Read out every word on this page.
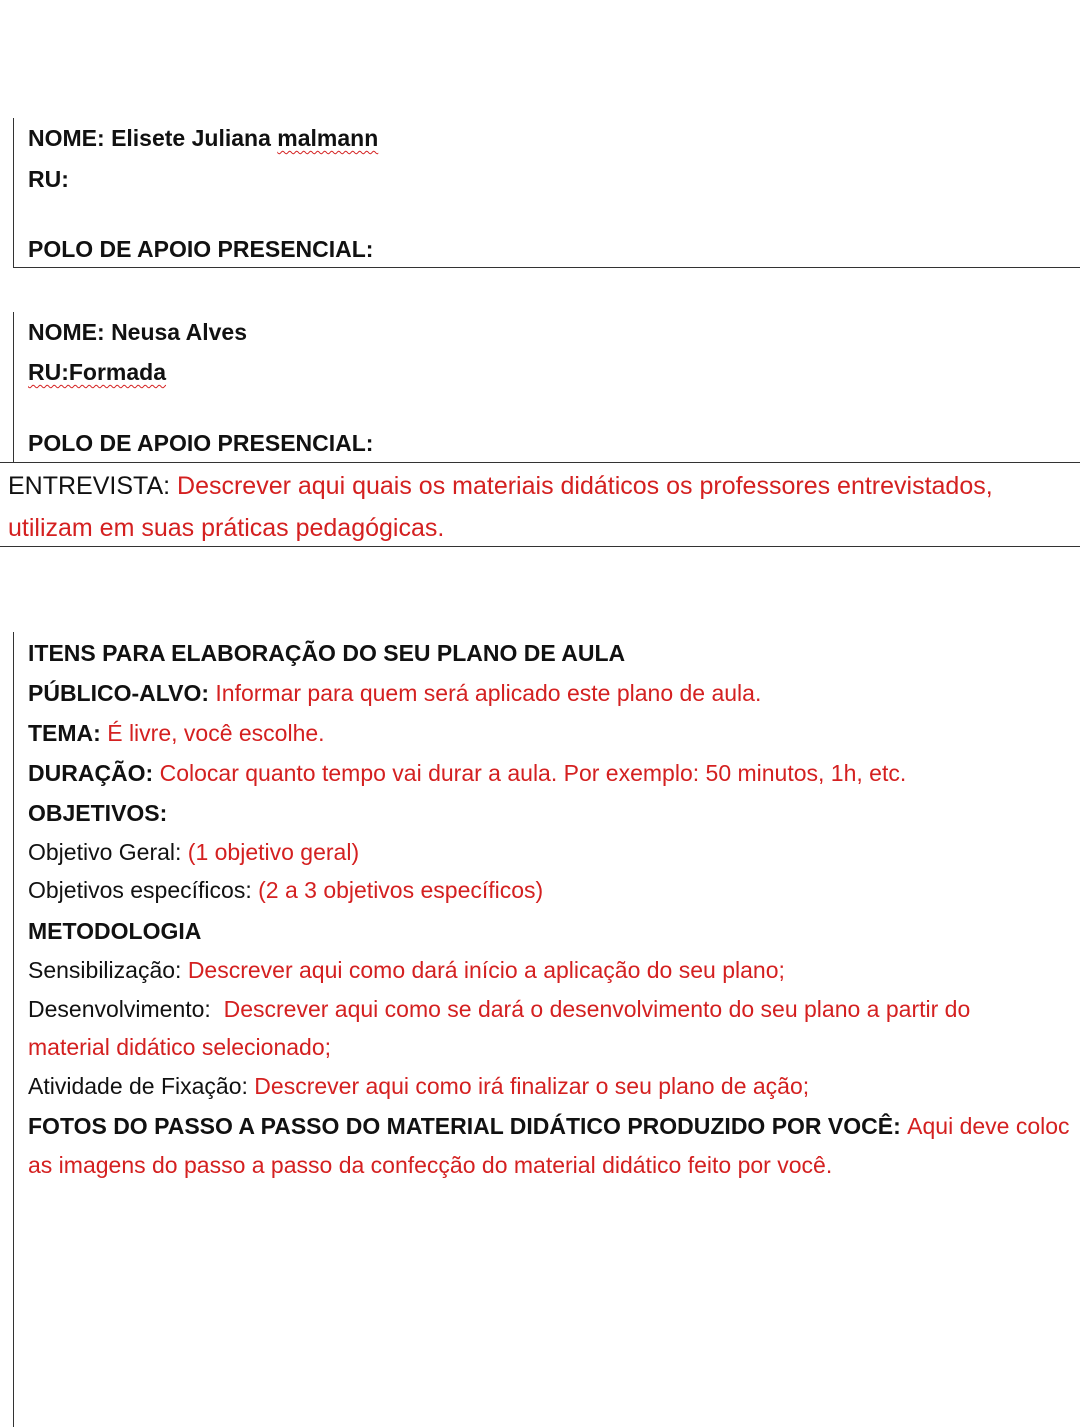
NOME: Elisete Juliana malmann
RU:
POLO DE APOIO PRESENCIAL:
NOME: Neusa Alves
RU:Formada
POLO DE APOIO PRESENCIAL:
ENTREVISTA: Descrever aqui quais os materiais didáticos os professores entrevistados, utilizam em suas práticas pedagógicas.
ITENS PARA ELABORAÇÃO DO SEU PLANO DE AULA
PÚBLICO-ALVO: Informar para quem será aplicado este plano de aula.
TEMA: É livre, você escolhe.
DURAÇÃO: Colocar quanto tempo vai durar a aula. Por exemplo: 50 minutos, 1h, etc.
OBJETIVOS:
Objetivo Geral: (1 objetivo geral)
Objetivos específicos: (2 a 3 objetivos específicos)
METODOLOGIA
Sensibilização: Descrever aqui como dará início a aplicação do seu plano;
Desenvolvimento:  Descrever aqui como se dará o desenvolvimento do seu plano a partir do
material didático selecionado;
Atividade de Fixação: Descrever aqui como irá finalizar o seu plano de ação;
FOTOS DO PASSO A PASSO DO MATERIAL DIDÁTICO PRODUZIDO POR VOCÊ: Aqui deve coloc
as imagens do passo a passo da confecção do material didático feito por você.
